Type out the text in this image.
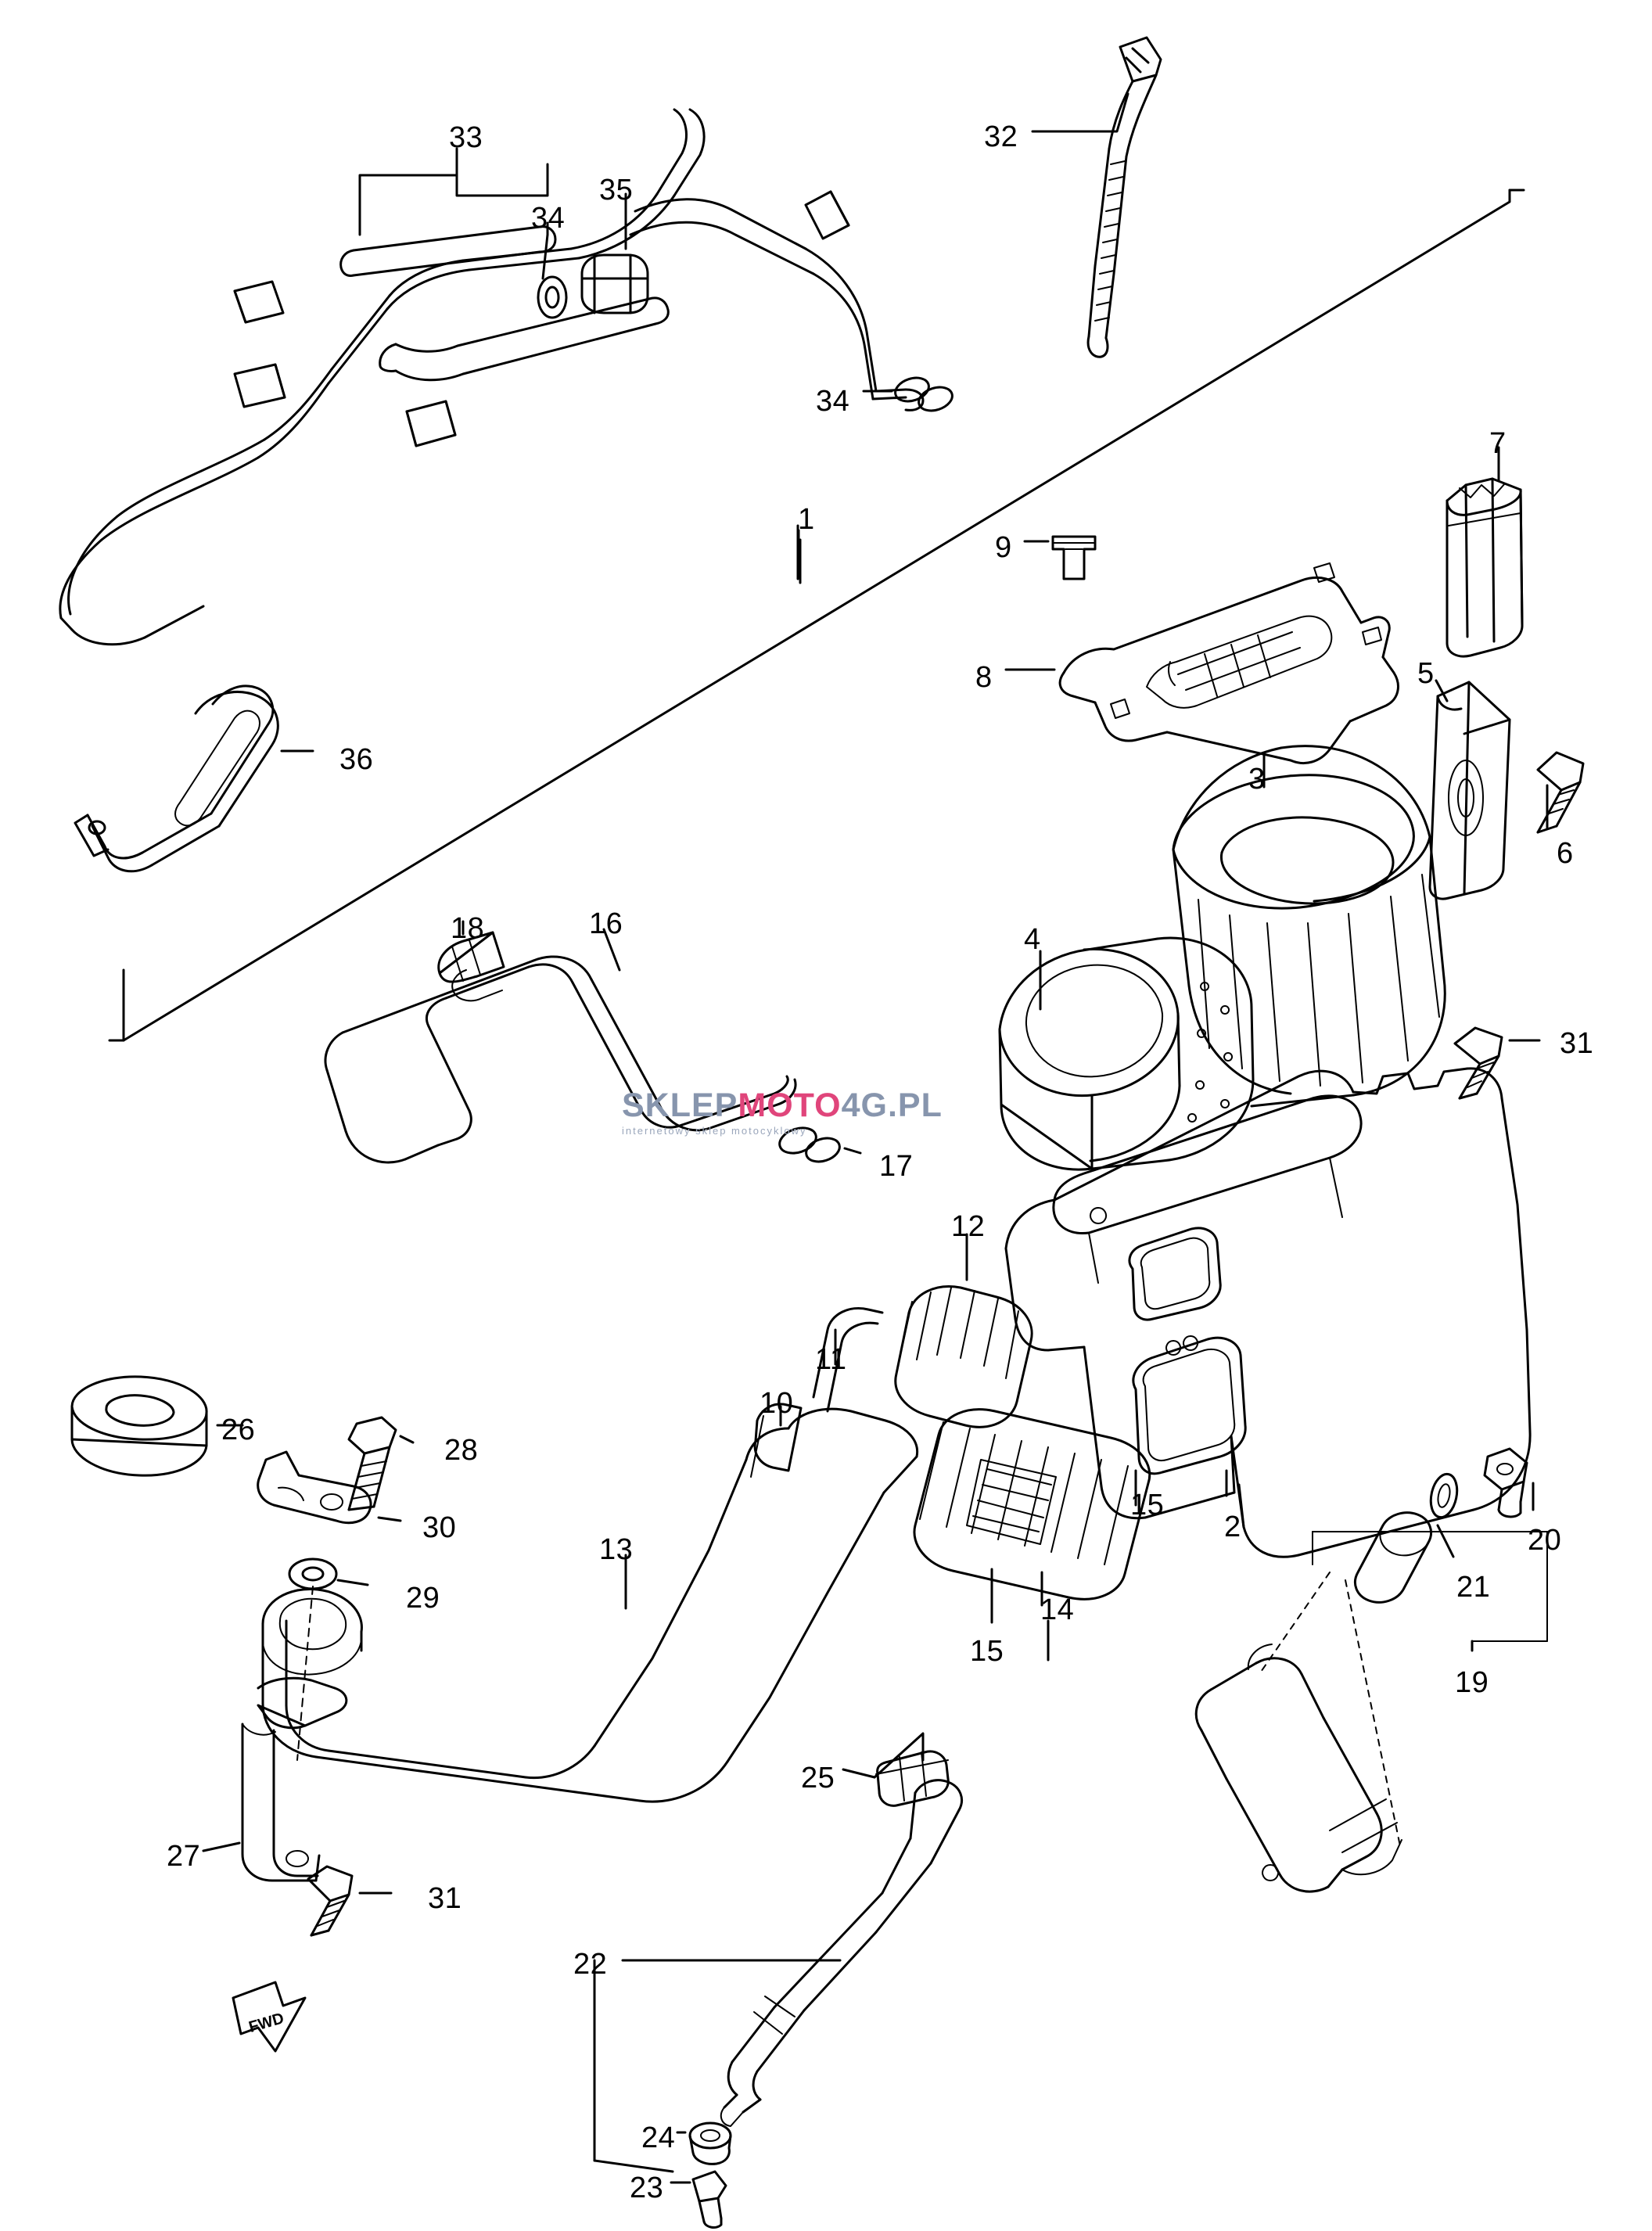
SKLEPMOTO4G.PL
internetowy sklep motocyklowy
FWD
33
35
34
34
32
1
9
7
8	5
6
36
3
4
18	16
31
17
12
11
10
26
28
30	2	20
21
15
29
13
14
15
19
25
27
31
22
24
23
